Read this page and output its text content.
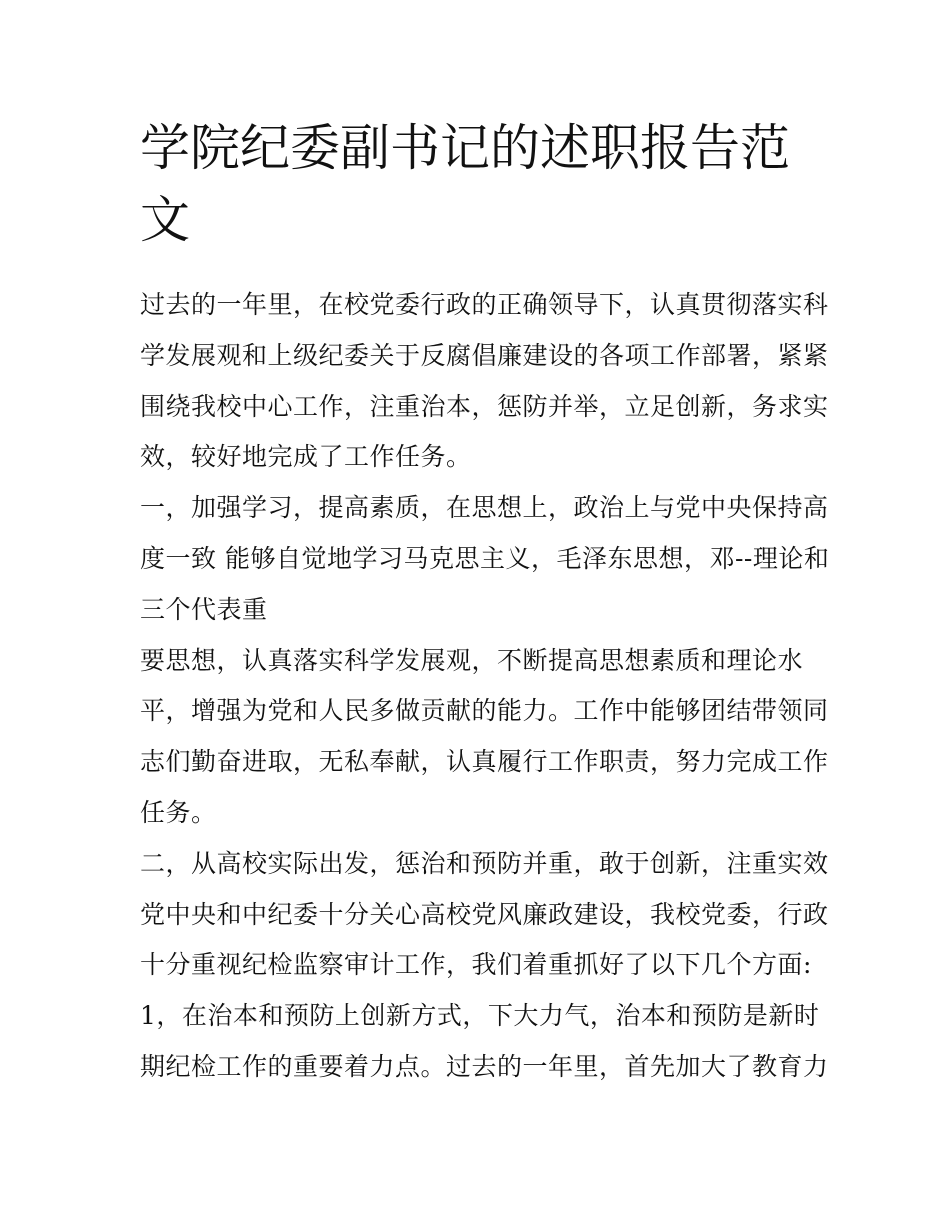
学院纪委副书记的述职报告范
文
过去的一年里，在校党委行政的正确领导下，认真贯彻落实科
学发展观和上级纪委关于反腐倡廉建设的各项工作部署，紧紧
围绕我校中心工作，注重治本，惩防并举，立足创新，务求实
效，较好地完成了工作任务。
一，加强学习，提高素质，在思想上，政治上与党中央保持高
度一致 能够自觉地学习马克思主义，毛泽东思想，邓--理论和
三个代表重
要思想，认真落实科学发展观，不断提高思想素质和理论水
平，增强为党和人民多做贡献的能力。工作中能够团结带领同
志们勤奋进取，无私奉献，认真履行工作职责，努力完成工作
任务。
二，从高校实际出发，惩治和预防并重，敢于创新，注重实效
党中央和中纪委十分关心高校党风廉政建设，我校党委，行政
十分重视纪检监察审计工作，我们着重抓好了以下几个方面:
1，在治本和预防上创新方式，下大力气，治本和预防是新时
期纪检工作的重要着力点。过去的一年里，首先加大了教育力
